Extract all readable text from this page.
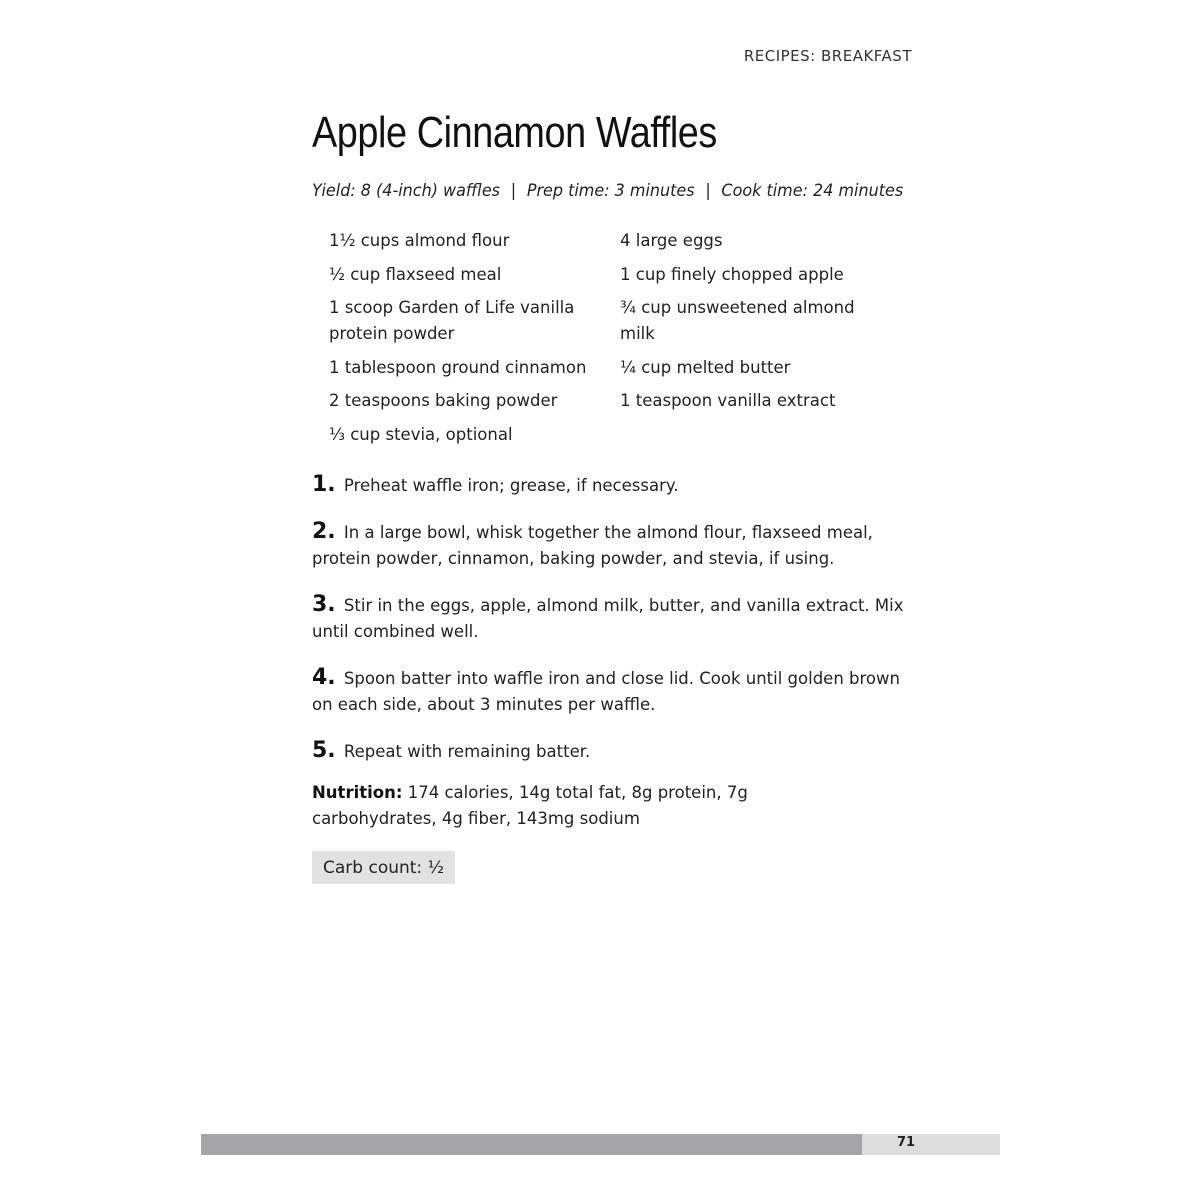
RECIPES: BREAKFAST
Apple Cinnamon Waffles
Yield: 8 (4-inch) waffles | Prep time: 3 minutes | Cook time: 24 minutes
1½ cups almond flour
½ cup flaxseed meal
1 scoop Garden of Life vanilla protein powder
1 tablespoon ground cinnamon
2 teaspoons baking powder
⅓ cup stevia, optional
4 large eggs
1 cup finely chopped apple
¾ cup unsweetened almond milk
¼ cup melted butter
1 teaspoon vanilla extract
1. Preheat waffle iron; grease, if necessary.
2. In a large bowl, whisk together the almond flour, flaxseed meal, protein powder, cinnamon, baking powder, and stevia, if using.
3. Stir in the eggs, apple, almond milk, butter, and vanilla extract. Mix until combined well.
4. Spoon batter into waffle iron and close lid. Cook until golden brown on each side, about 3 minutes per waffle.
5. Repeat with remaining batter.
Nutrition: 174 calories, 14g total fat, 8g protein, 7g carbohydrates, 4g fiber, 143mg sodium
Carb count: ½
71
